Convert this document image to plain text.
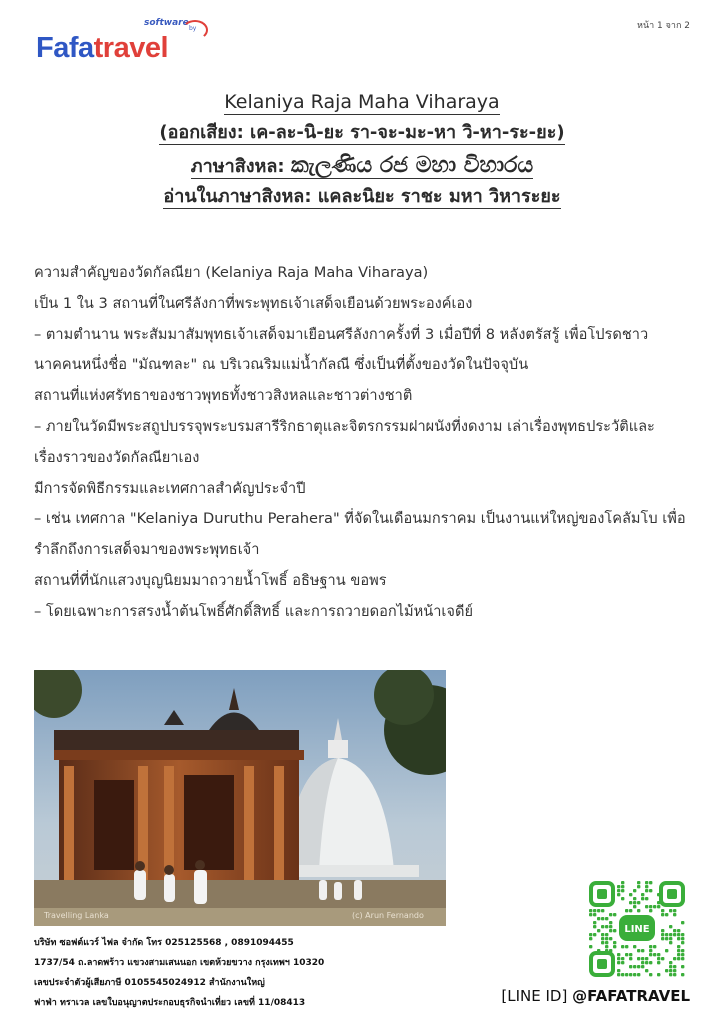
หน้า 1 จาก 2
software
by
Fafatravel
Kelaniya Raja Maha Viharaya
(ออกเสียง: เค-ละ-นิ-ยะ รา-จะ-มะ-หา วิ-หา-ระ-ยะ)
ภาษาสิงหล: කැලණිය රජ මහා විහාරය
อ่านในภาษาสิงหล: แคละนิยะ ราชะ มหา วิหาระยะ

ความสำคัญของวัดกัลณียา (Kelaniya Raja Maha Viharaya)

เป็น 1 ใน 3 สถานที่ในศรีลังกาที่พระพุทธเจ้าเสด็จเยือนด้วยพระองค์เอง

– ตามตำนาน พระสัมมาสัมพุทธเจ้าเสด็จมาเยือนศรีลังกาครั้งที่ 3 เมื่อปีที่ 8 หลังตรัสรู้ เพื่อโปรดชาว

นาคคนหนึ่งชื่อ "มัณฑละ" ณ บริเวณริมแม่น้ำกัลณี ซึ่งเป็นที่ตั้งของวัดในปัจจุบัน

สถานที่แห่งศรัทธาของชาวพุทธทั้งชาวสิงหลและชาวต่างชาติ

– ภายในวัดมีพระสถูปบรรจุพระบรมสารีริกธาตุและจิตรกรรมฝาผนังที่งดงาม เล่าเรื่องพุทธประวัติและ

เรื่องราวของวัดกัลณียาเอง

มีการจัดพิธีกรรมและเทศกาลสำคัญประจำปี

– เช่น เทศกาล "Kelaniya Duruthu Perahera" ที่จัดในเดือนมกราคม เป็นงานแห่ใหญ่ของโคลัมโบ เพื่อ

รำลึกถึงการเสด็จมาของพระพุทธเจ้า

สถานที่ที่นักแสวงบุญนิยมมาถวายน้ำโพธิ์ อธิษฐาน ขอพร

– โดยเฉพาะการสรงน้ำต้นโพธิ์ศักดิ์สิทธิ์ และการถวายดอกไม้หน้าเจดีย์

Travelling Lanka	(c) Arun Fernando
บริษัท ซอฟต์แวร์ ไฟล จำกัด โทร 025125568 , 0891094455
1737/54 ถ.ลาดพร้าว แขวงสามเสนนอก เขตห้วยขวาง กรุงเทพฯ 10320
เลขประจำตัวผู้เสียภาษี 0105545024912 สำนักงานใหญ่
ฟาฟ่า ทราเวล เลขใบอนุญาตประกอบธุรกิจนำเที่ยว เลขที่ 11/08413
LINE
[LINE ID] @FAFATRAVEL
